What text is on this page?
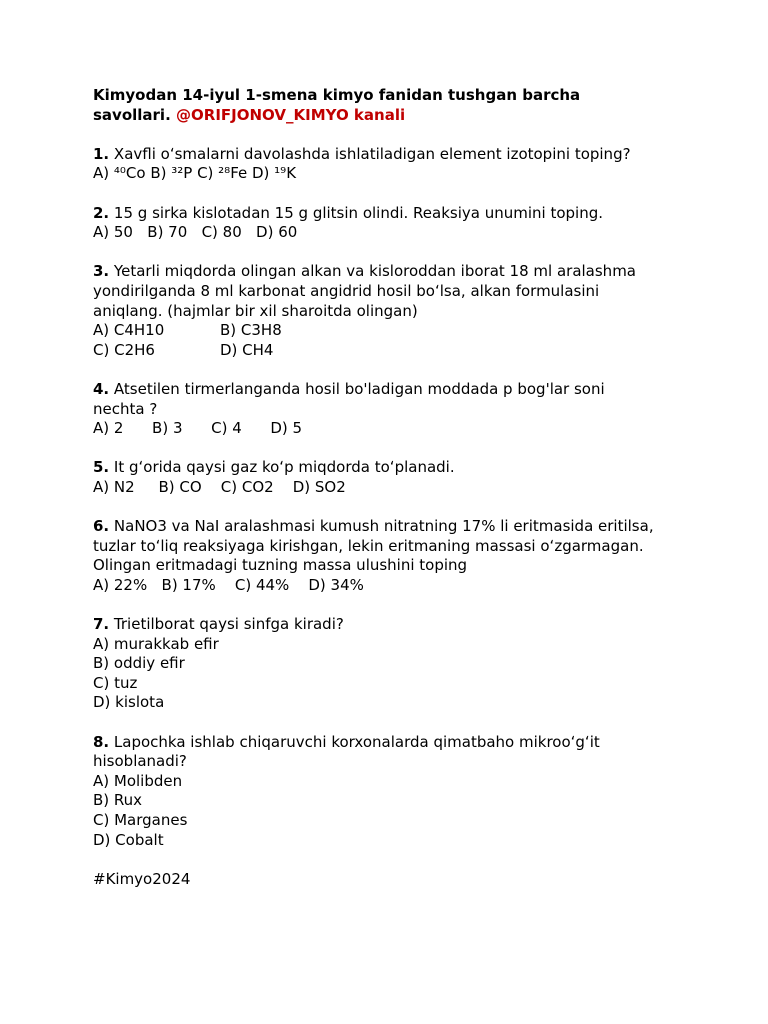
Kimyodan 14-iyul 1-smena kimyo fanidan tushgan barcha
savollari. @ORIFJONOV_KIMYO kanali
1. Xavfli oʻsmalarni davolashda ishlatiladigan element izotopini toping?
A) ⁴⁰Co B) ³²P C) ²⁸Fe D) ¹⁹K
2. 15 g sirka kislotadan 15 g glitsin olindi. Reaksiya unumini toping.
A) 50   B) 70   C) 80   D) 60
3. Yetarli miqdorda olingan alkan va kisloroddan iborat 18 ml aralashma yondirilganda 8 ml karbonat angidrid hosil boʻlsa, alkan formulasini aniqlang. (hajmlar bir xil sharoitda olingan)
A) C4H10	B) C3H8
C) C2H6	D) CH4
4. Atsetilen tirmerlanganda hosil bo'ladigan moddada p bog'lar soni nechta ?
A) 2      B) 3      C) 4      D) 5
5. It gʻorida qaysi gaz koʻp miqdorda toʻplanadi.
A) N2     B) CO    C) CO2    D) SO2
6. NaNO3 va NaI aralashmasi kumush nitratning 17% li eritmasida eritilsa, tuzlar toʻliq reaksiyaga kirishgan, lekin eritmaning massasi oʻzgarmagan. Olingan eritmadagi tuzning massa ulushini toping
A) 22%   B) 17%    C) 44%    D) 34%
7. Trietilborat qaysi sinfga kiradi?
A) murakkab efir
B) oddiy efir
C) tuz
D) kislota
8. Lapochka ishlab chiqaruvchi korxonalarda qimatbaho mikrooʻgʻit hisoblanadi?
A) Molibden
B) Rux
C) Marganes
D) Cobalt
#Kimyo2024
